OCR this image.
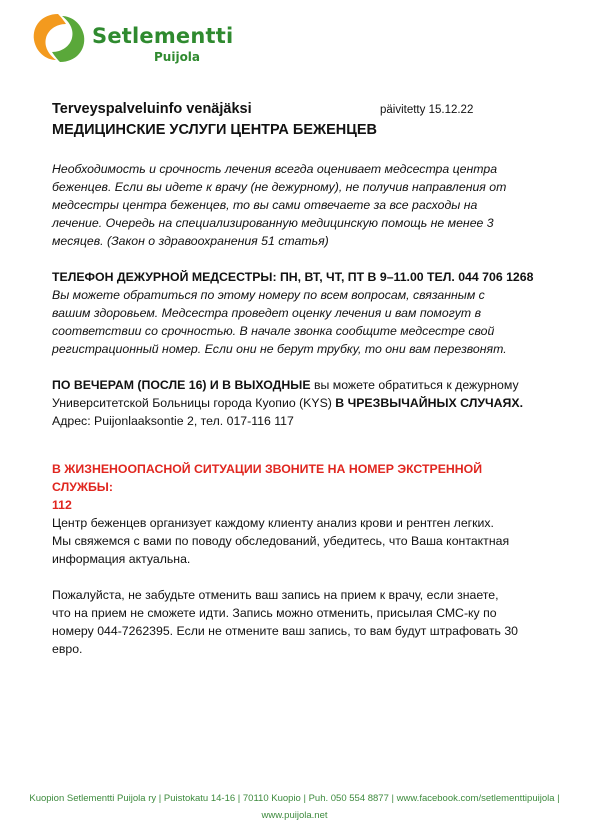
Setlementti
Puijola
Terveyspalveluinfo venäjäksi	päivitetty 15.12.22
МЕДИЦИНСКИЕ УСЛУГИ ЦЕНТРА БЕЖЕНЦЕВ

Необходимость и срочность лечения всегда оценивает медсестра центра

беженцев. Если вы идете к врачу (не дежурному), не получив направления от

медсестры центра беженцев, то вы сами отвечаете за все расходы на

лечение. Очередь на специализированную медицинскую помощь не менее 3

месяцев. (Закон о здравоохранения 51 статья)

ТЕЛЕФОН ДЕЖУРНОЙ МЕДСЕСТРЫ: ПН, ВТ, ЧТ, ПТ В 9–11.00 ТЕЛ. 044 706 1268

Вы можете обратиться по этому номеру по всем вопросам, связанным с

вашим здоровьем. Медсестра проведет оценку лечения и вам помогут в

соответствии со срочностью. В начале звонка сообщите медсестре свой

регистрационный номер. Если они не берут трубку, то они вам перезвонят.

ПО ВЕЧЕРАМ (ПОСЛЕ 16) И В ВЫХОДНЫЕ вы можете обратиться к дежурному

Университетской Больницы города Куопио (KYS) В ЧРЕЗВЫЧАЙНЫХ СЛУЧАЯХ.

Адрес: Puijonlaaksontie 2, тел. 017-116 117

В ЖИЗНЕНООПАСНОЙ СИТУАЦИИ ЗВОНИТЕ НА НОМЕР ЭКСТРЕННОЙ СЛУЖБЫ:

112

Центр беженцев организует каждому клиенту анализ крови и рентген легких.

Мы свяжемся с вами по поводу обследований, убедитесь, что Ваша контактная

информация актуальна.

Пожалуйста, не забудьте отменить ваш запись на прием к врачу, если знаете,

что на прием не сможете идти. Запись можно отменить, присылая СМС-ку по

номеру 044-7262395. Если не отмените ваш запись, то вам будут штрафовать 30

евро.

Kuopion Setlementti Puijola ry | Puistokatu 14-16 | 70110 Kuopio | Puh. 050 554 8877 | www.facebook.com/setlementtipuijola |
www.puijola.net
